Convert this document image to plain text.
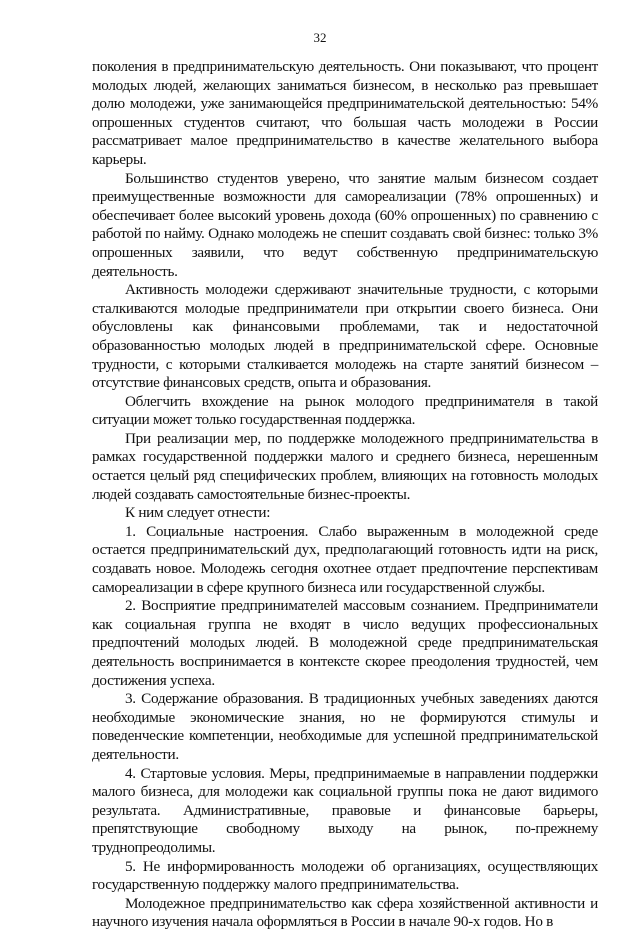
32

поколения в предпринимательскую деятельность. Они показывают, что процент молодых людей, желающих заниматься бизнесом, в несколько раз превышает долю молодежи, уже занимающейся предпринимательской деятельностью: 54% опрошенных студентов считают, что большая часть молодежи в России рассматривает малое предпринимательство в качестве желательного выбора карьеры.

Большинство студентов уверено, что занятие малым бизнесом создает преимущественные возможности для самореализации (78% опрошенных) и обеспечивает более высокий уровень дохода (60% опрошенных) по сравнению с работой по найму. Однако молодежь не спешит создавать свой бизнес: только 3% опрошенных заявили, что ведут собственную предпринимательскую деятельность.

Активность молодежи сдерживают значительные трудности, с которыми сталкиваются молодые предприниматели при открытии своего бизнеса. Они обусловлены как финансовыми проблемами, так и недостаточной образованностью молодых людей в предпринимательской сфере. Основные трудности, с которыми сталкивается молодежь на старте занятий бизнесом – отсутствие финансовых средств, опыта и образования.

Облегчить вхождение на рынок молодого предпринимателя в такой ситуации может только государственная поддержка.

При реализации мер, по поддержке молодежного предпринимательства в рамках государственной поддержки малого и среднего бизнеса, нерешенным остается целый ряд специфических проблем, влияющих на готовность молодых людей создавать самостоятельные бизнес-проекты.

К ним следует отнести:

1. Социальные настроения. Слабо выраженным в молодежной среде остается предпринимательский дух, предполагающий готовность идти на риск, создавать новое. Молодежь сегодня охотнее отдает предпочтение перспективам самореализации в сфере крупного бизнеса или государственной службы.

2. Восприятие предпринимателей массовым сознанием. Предприниматели как социальная группа не входят в число ведущих профессиональных предпочтений молодых людей. В молодежной среде предпринимательская деятельность воспринимается в контексте скорее преодоления трудностей, чем достижения успеха.

3. Содержание образования. В традиционных учебных заведениях даются необходимые экономические знания, но не формируются стимулы и поведенческие компетенции, необходимые для успешной предпринимательской деятельности.

4. Стартовые условия. Меры, предпринимаемые в направлении поддержки малого бизнеса, для молодежи как социальной группы пока не дают видимого результата. Административные, правовые и финансовые барьеры, препятствующие свободному выходу на рынок, по-прежнему труднопреодолимы.

5. Не информированность молодежи об организациях, осуществляющих государственную поддержку малого предпринимательства.

Молодежное предпринимательство как сфера хозяйственной активности и научного изучения начала оформляться в России в начале 90-х годов. Но в
